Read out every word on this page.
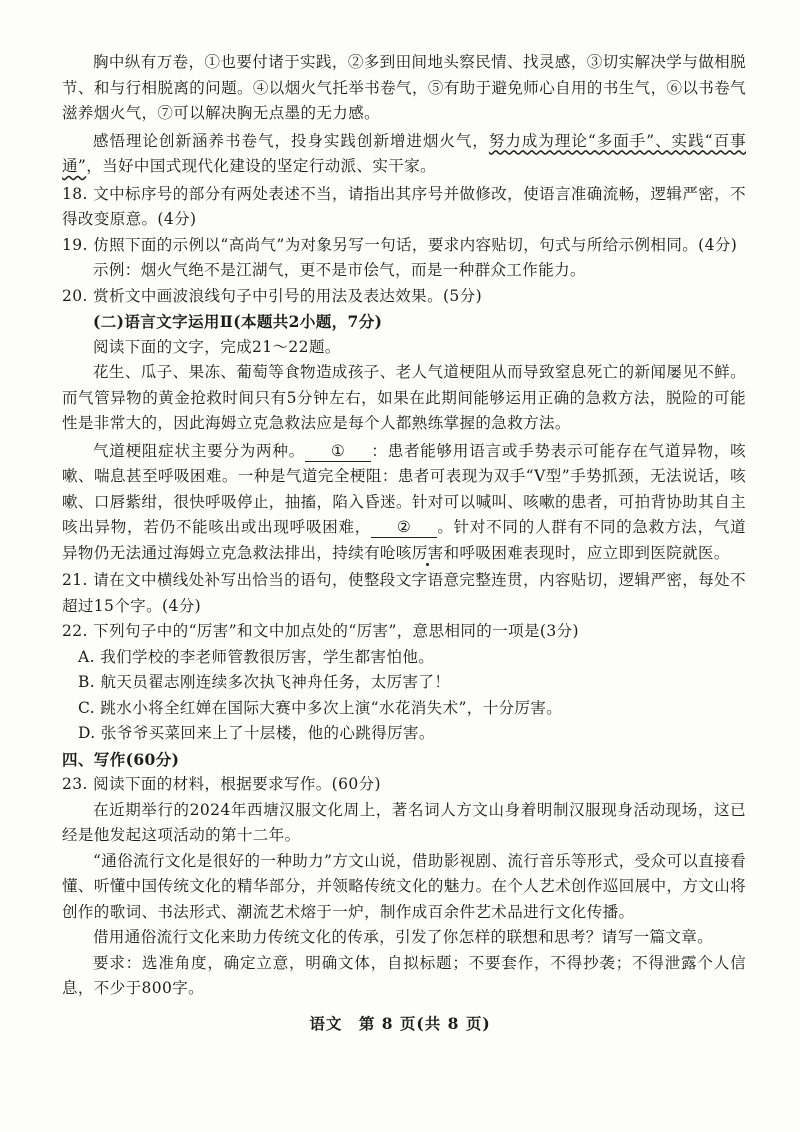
胸中纵有万卷，①也要付诸于实践，②多到田间地头察民情、找灵感，③切实解决学与做相脱节、和与行相脱离的问题。④以烟火气托举书卷气，⑤有助于避免师心自用的书生气，⑥以书卷气滋养烟火气，⑦可以解决胸无点墨的无力感。

感悟理论创新涵养书卷气，投身实践创新增进烟火气，努力成为理论“多面手”、实践“百事通”，当好中国式现代化建设的坚定行动派、实干家。

18. 文中标序号的部分有两处表述不当，请指出其序号并做修改，使语言准确流畅，逻辑严密，不得改变原意。(4分)

19. 仿照下面的示例以“高尚气”为对象另写一句话，要求内容贴切，句式与所给示例相同。(4分)

示例：烟火气绝不是江湖气，更不是市侩气，而是一种群众工作能力。

20. 赏析文中画波浪线句子中引号的用法及表达效果。(5分)

(二)语言文字运用Ⅱ(本题共2小题，7分)

阅读下面的文字，完成21～22题。

花生、瓜子、果冻、葡萄等食物造成孩子、老人气道梗阻从而导致窒息死亡的新闻屡见不鲜。而气管异物的黄金抢救时间只有5分钟左右，如果在此期间能够运用正确的急救方法，脱险的可能性是非常大的，因此海姆立克急救法应是每个人都熟练掌握的急救方法。

气道梗阻症状主要分为两种。 ① ：患者能够用语言或手势表示可能存在气道异物，咳嗽、喘息甚至呼吸困难。一种是气道完全梗阻：患者可表现为双手“V型”手势抓颈，无法说话，咳嗽、口唇紫绀，很快呼吸停止，抽搐，陷入昏迷。针对可以喊叫、咳嗽的患者，可拍背协助其自主咳出异物，若仍不能咳出或出现呼吸困难， ② 。针对不同的人群有不同的急救方法，气道异物仍无法通过海姆立克急救法排出，持续有呛咳厉害和呼吸困难表现时，应立即到医院就医。

21. 请在文中横线处补写出恰当的语句，使整段文字语意完整连贯，内容贴切，逻辑严密，每处不超过15个字。(4分)

22. 下列句子中的“厉害”和文中加点处的“厉害”，意思相同的一项是(3分)

A. 我们学校的李老师管教很厉害，学生都害怕他。

B. 航天员翟志刚连续多次执飞神舟任务，太厉害了！

C. 跳水小将全红婵在国际大赛中多次上演“水花消失术”，十分厉害。

D. 张爷爷买菜回来上了十层楼，他的心跳得厉害。

四、写作(60分)

23. 阅读下面的材料，根据要求写作。(60分)

在近期举行的2024年西塘汉服文化周上，著名词人方文山身着明制汉服现身活动现场，这已经是他发起这项活动的第十二年。

“通俗流行文化是很好的一种助力”方文山说，借助影视剧、流行音乐等形式，受众可以直接看懂、听懂中国传统文化的精华部分，并领略传统文化的魅力。在个人艺术创作巡回展中，方文山将创作的歌词、书法形式、潮流艺术熔于一炉，制作成百余件艺术品进行文化传播。

借用通俗流行文化来助力传统文化的传承，引发了你怎样的联想和思考？请写一篇文章。

要求：选准角度，确定立意，明确文体，自拟标题；不要套作，不得抄袭；不得泄露个人信息，不少于800字。

语文　第 8 页(共 8 页)
